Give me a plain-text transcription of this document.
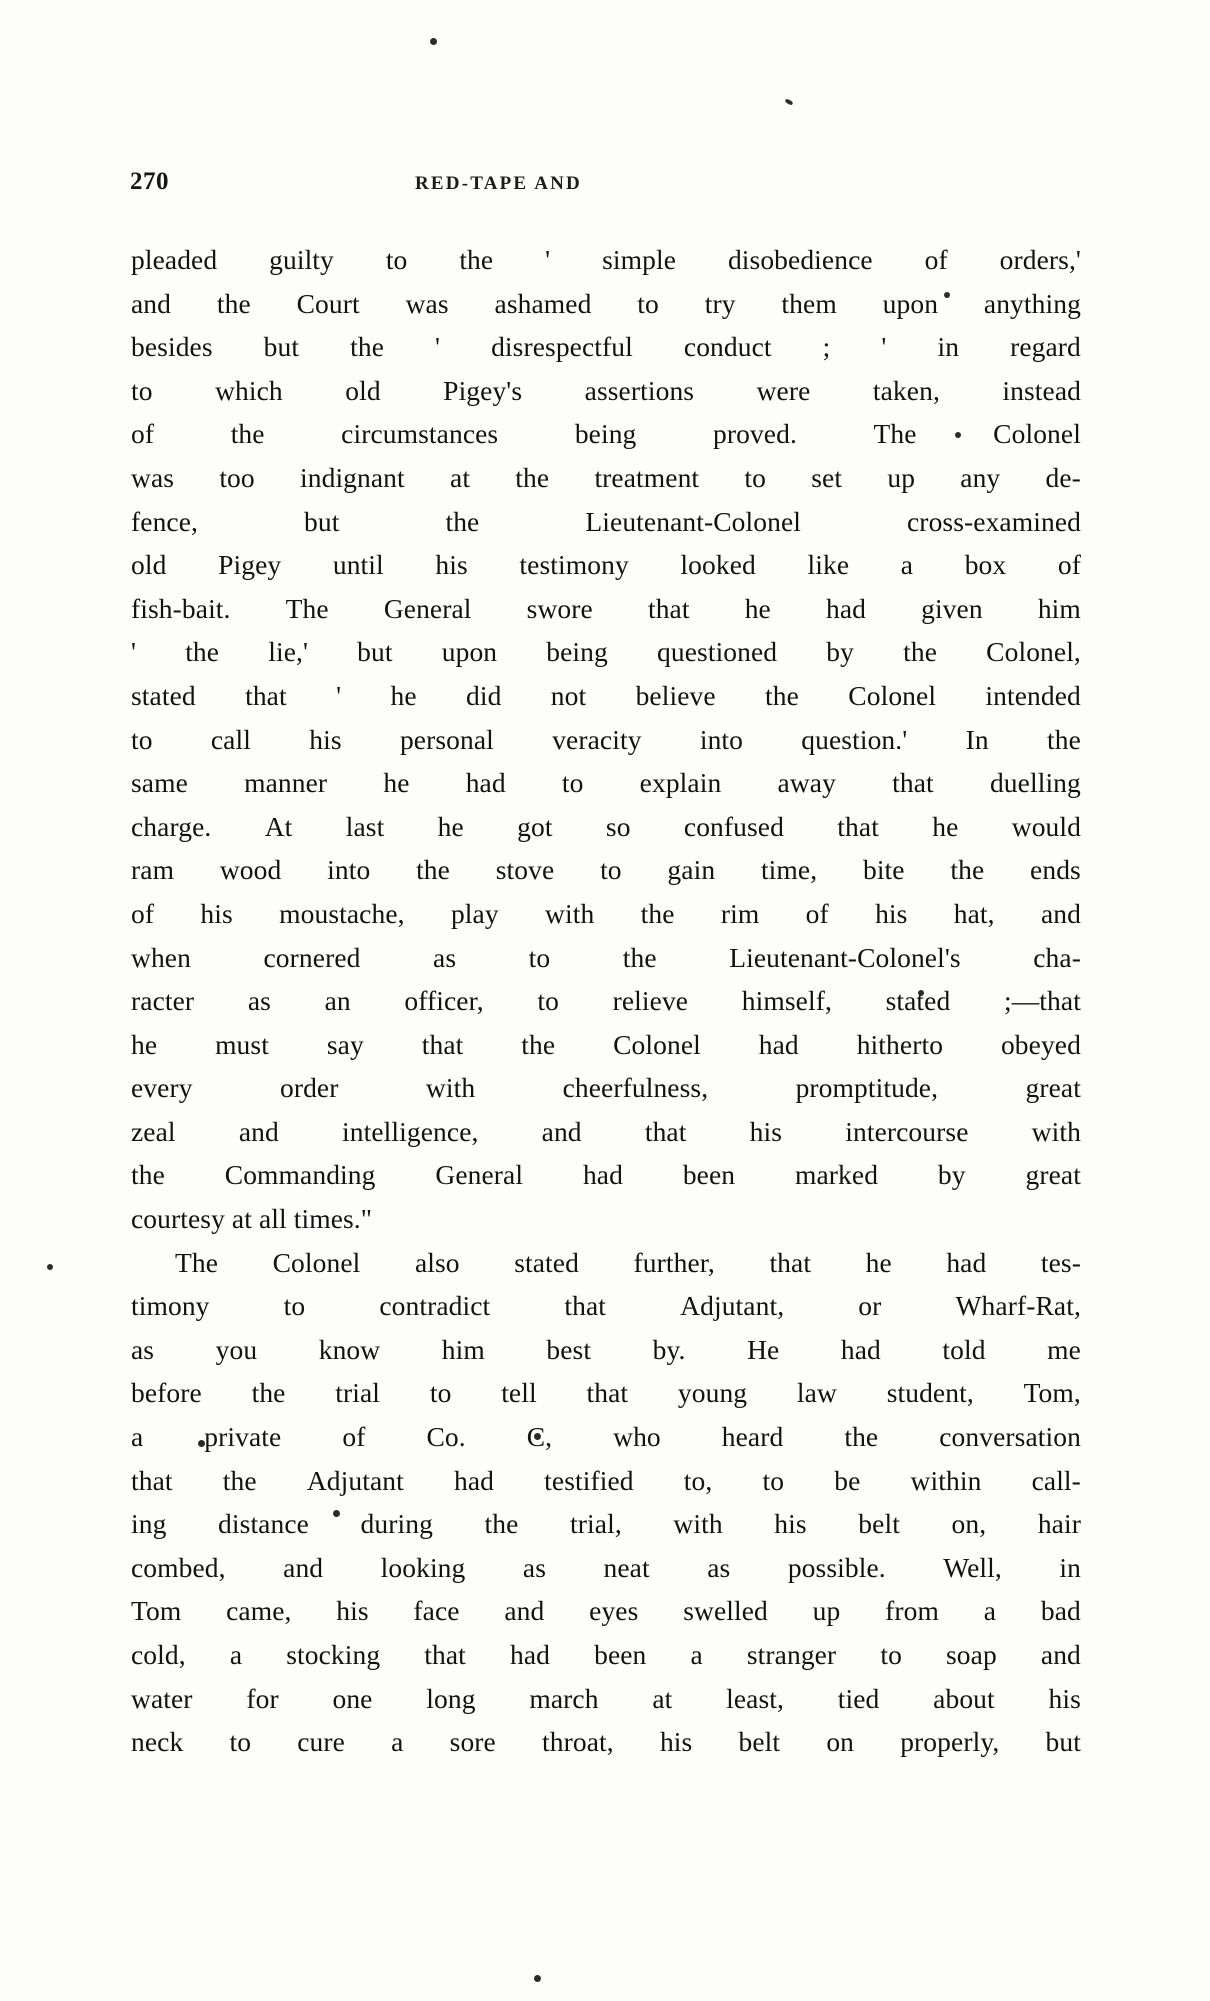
270	RED-TAPE AND
pleaded guilty to the ' simple disobedience of orders,'
and the Court was ashamed to try them upon anything
besides but the ' disrespectful conduct ; ' in regard
to which old Pigey's assertions were taken, instead
of	the	circumstances	being	proved.	The	Colonel
was too indignant at the treatment to set up any de-
fence,	but	the	Lieutenant-Colonel	cross-examined
old Pigey until his testimony looked like a box of
fish-bait. The General swore that he had given him
' the lie,' but upon being questioned by the Colonel,
stated that ' he did not believe the Colonel intended
to call his personal veracity into question.' In the
same manner he had to explain away that duelling
charge. At last he got so confused that he would
ram wood into the stove to gain time, bite the ends
of his moustache, play with the rim of his hat, and
when	cornered	as	to	the	Lieutenant-Colonel's	cha-
racter as an officer, to relieve himself, stated ;—that
he must say that the Colonel had hitherto obeyed
every	order	with	cheerfulness,	promptitude,	great
zeal and intelligence, and that his intercourse with
the Commanding General had been marked by great
courtesy at all times."
The Colonel also stated further, that he had tes-
timony	to	contradict	that	Adjutant,	or	Wharf-Rat,
as you know him best by. He had told me
before the trial to tell that young law student, Tom,
a private of Co. C, who heard the conversation
that the Adjutant had testified to, to be within call-
ing distance during the trial, with his belt on, hair
combed, and looking as neat as possible. Well, in
Tom came, his face and eyes swelled up from a bad
cold, a stocking that had been a stranger to soap and
water for one long march at least, tied about his
neck to cure a sore throat, his belt on properly, but
